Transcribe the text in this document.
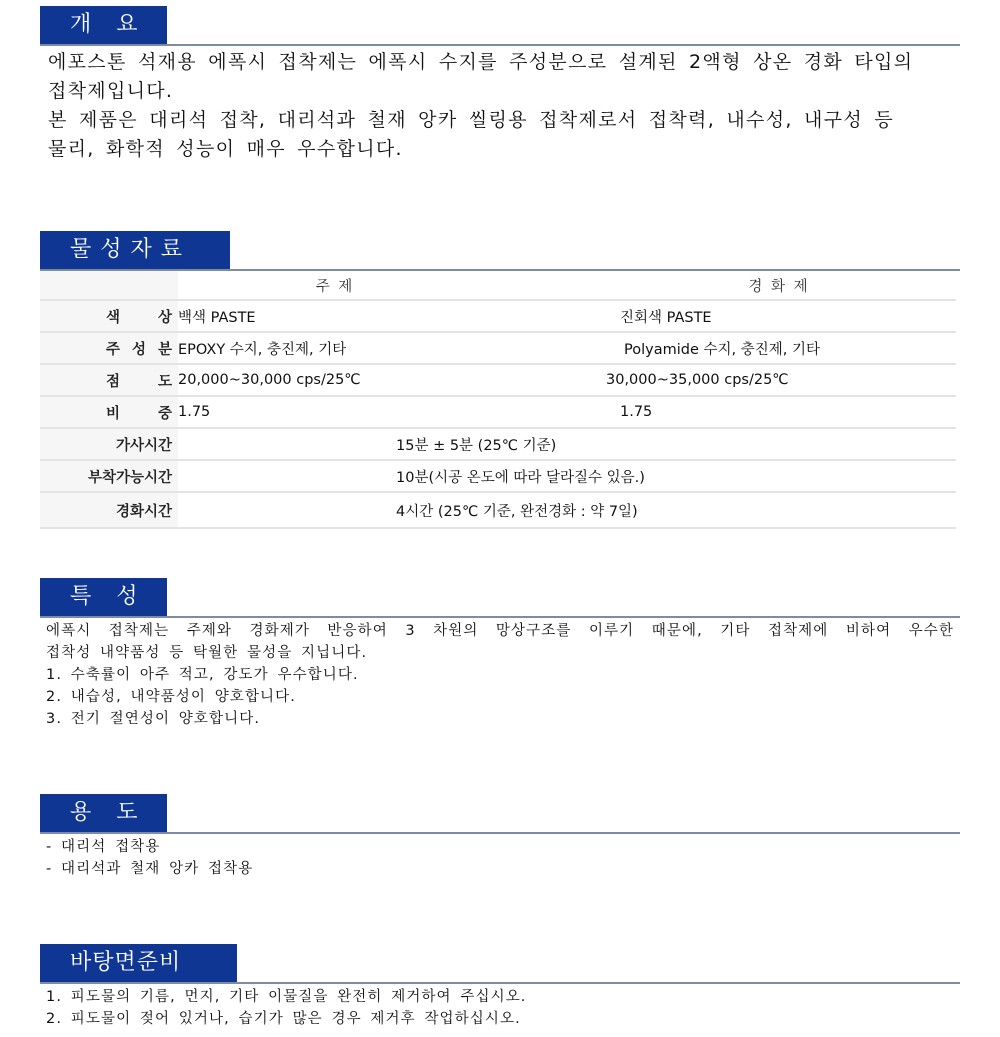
개 요

에포스톤 석재용 에폭시 접착제는 에폭시 수지를 주성분으로 설계된 2액형 상온 경화 타입의

접착제입니다.

본 제품은 대리석 접착, 대리석과 철재 앙카 씰링용 접착제로서 접착력, 내수성, 내구성 등

물리, 화학적 성능이 매우 우수합니다.

물성자료
	주 제	경 화 제

색 상	백색 PASTE	진회색 PASTE

주 성 분	EPOXY 수지, 충진제, 기타	Polyamide 수지, 충진제, 기타

점 도	20,000~30,000 cps/25℃	30,000~35,000 cps/25℃

비 중	1.75	1.75
가사시간	15분 ± 5분 (25℃ 기준)	
부착가능시간	10분(시공 온도에 따라 달라질수 있음.)	
경화시간	4시간 (25℃ 기준, 완전경화 : 약 7일)	
특 성

에폭시 접착제는 주제와 경화제가 반응하여 3 차원의 망상구조를 이루기 때문에, 기타 접착제에 비하여 우수한

접착성 내약품성 등 탁월한 물성을 지닙니다.

1. 수축률이 아주 적고, 강도가 우수합니다.

2. 내습성, 내약품성이 양호합니다.

3. 전기 절연성이 양호합니다.

용 도

- 대리석 접착용

- 대리석과 철재 앙카 접착용

바탕면준비

1. 피도물의 기름, 먼지, 기타 이물질을 완전히 제거하여 주십시오.

2. 피도물이 젖어 있거나, 습기가 많은 경우 제거후 작업하십시오.
